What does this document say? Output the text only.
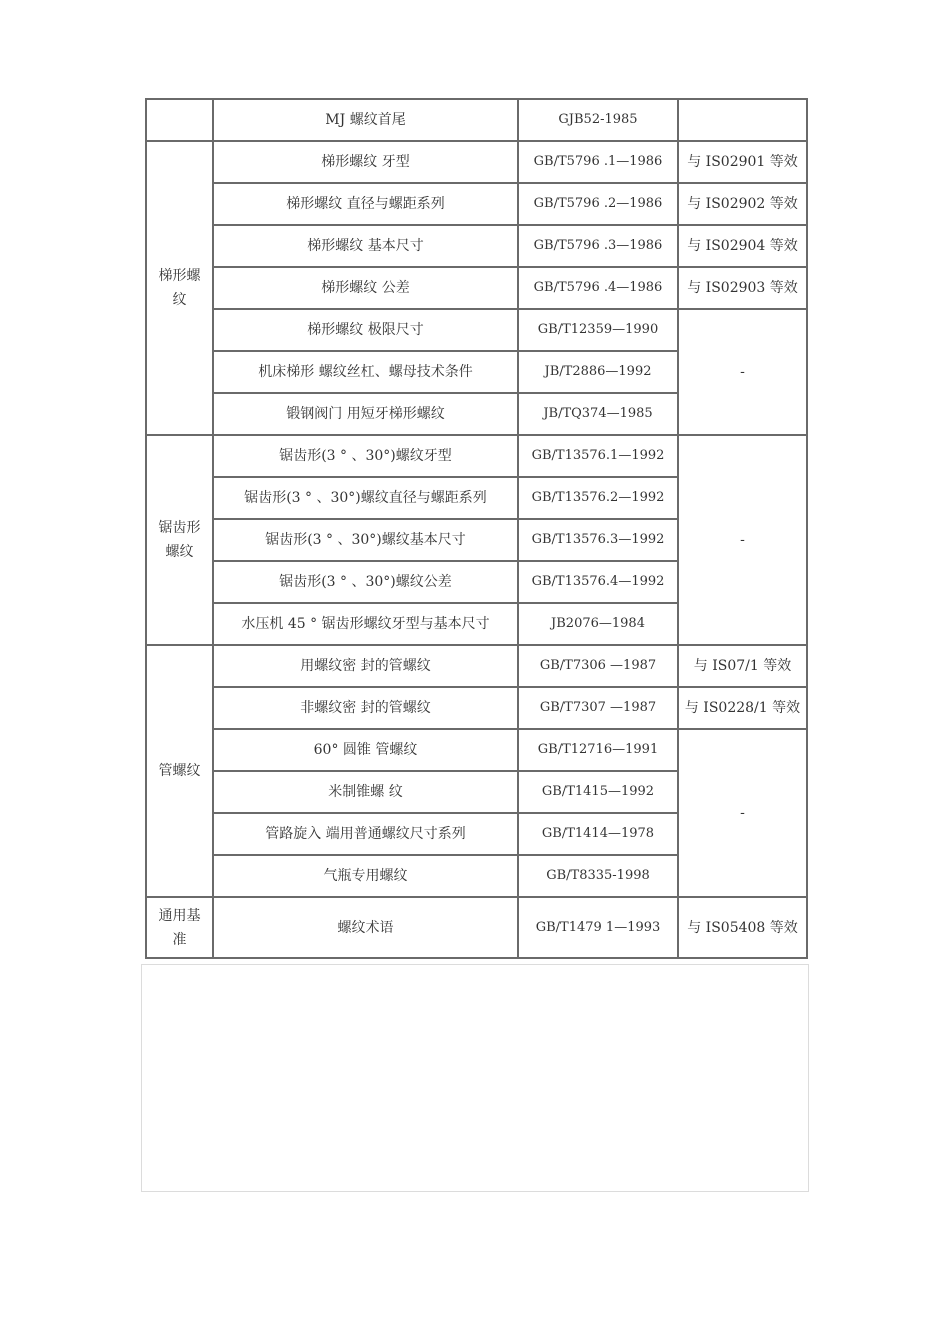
	MJ 螺纹首尾	GJB52-1985	
梯形螺纹	梯形螺纹 牙型	GB/T5796 .1—1986	与 IS02901 等效
	梯形螺纹 直径与螺距系列	GB/T5796 .2—1986	与 IS02902 等效
	梯形螺纹 基本尺寸	GB/T5796 .3—1986	与 IS02904 等效
	梯形螺纹 公差	GB/T5796 .4—1986	与 IS02903 等效
	梯形螺纹 极限尺寸	GB/T12359—1990	-
	机床梯形 螺纹丝杠、螺母技术条件	JB/T2886—1992	
	锻钢阀门 用短牙梯形螺纹	JB/TQ374—1985	
锯齿形螺纹	锯齿形(3 ° 、30°)螺纹牙型	GB/T13576.1—1992	-
	锯齿形(3 ° 、30°)螺纹直径与螺距系列	GB/T13576.2—1992	
	锯齿形(3 ° 、30°)螺纹基本尺寸	GB/T13576.3—1992	
	锯齿形(3 ° 、30°)螺纹公差	GB/T13576.4—1992	
	水压机 45 ° 锯齿形螺纹牙型与基本尺寸	JB2076—1984	
管螺纹	用螺纹密 封的管螺纹	GB/T7306 —1987	与 IS07/1 等效
	非螺纹密 封的管螺纹	GB/T7307 —1987	与 IS0228/1 等效
	60° 圆锥 管螺纹	GB/T12716—1991	-
	米制锥螺 纹	GB/T1415—1992	
	管路旋入 端用普通螺纹尺寸系列	GB/T1414—1978	
	气瓶专用螺纹	GB/T8335-1998	
通用基准	螺纹术语	GB/T1479 1—1993	与 IS05408 等效
